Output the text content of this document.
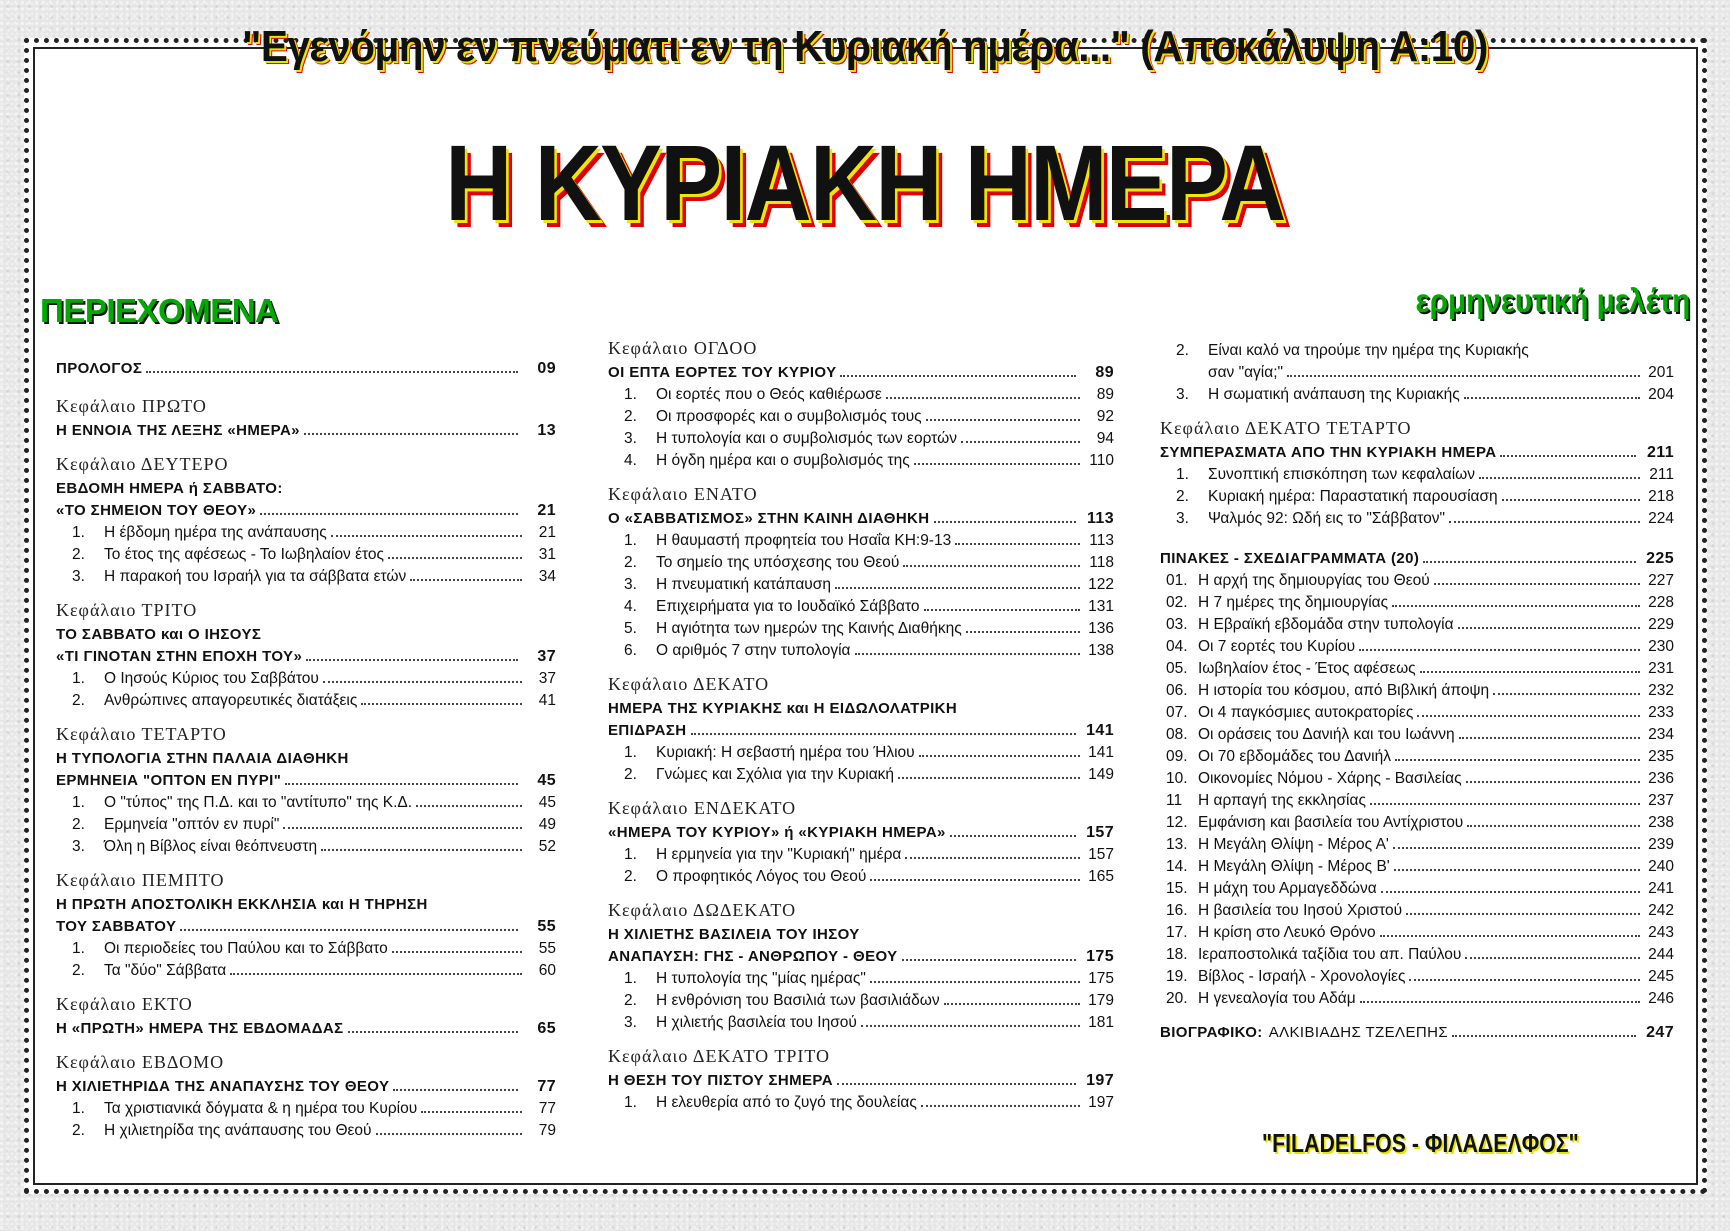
"Εγενόμην εν πνεύματι εν τη Κυριακή ημέρα..." (Αποκάλυψη Α:10)
Η ΚΥΡΙΑΚΗ ΗΜΕΡΑ
ΠΕΡΙΕΧΟΜΕΝΑ	ερμηνευτική μελέτη
ΠΡΟΛΟΓΟΣ	09
Κεφάλαιο ΠΡΩΤΟ
Η ΕΝΝΟΙΑ ΤΗΣ ΛΕΞΗΣ «ΗΜΕΡΑ»	13
Κεφάλαιο ΔΕΥΤΕΡΟ
ΕΒΔΟΜΗ ΗΜΕΡΑ ή ΣΑΒΒΑΤΟ:
«ΤΟ ΣΗΜΕΙΟΝ ΤΟΥ ΘΕΟΥ»	21
1.	Η έβδομη ημέρα της ανάπαυσης	21
2.	Το έτος της αφέσεως - Το Ιωβηλαίον έτος	31
3.	Η παρακοή του Ισραήλ για τα σάββατα ετών	34
Κεφάλαιο ΤΡΙΤΟ
ΤΟ ΣΑΒΒΑΤΟ και Ο ΙΗΣΟΥΣ
«ΤΙ ΓΙΝΟΤΑΝ ΣΤΗΝ ΕΠΟΧΗ ΤΟΥ»	37
1.	Ο Ιησούς Κύριος του Σαββάτου	37
2.	Ανθρώπινες απαγορευτικές διατάξεις	41
Κεφάλαιο ΤΕΤΑΡΤΟ
Η ΤΥΠΟΛΟΓΙΑ ΣΤΗΝ ΠΑΛΑΙΑ ΔΙΑΘΗΚΗ
ΕΡΜΗΝΕΙΑ "ΟΠΤΟΝ ΕΝ ΠΥΡΙ"	45
1.	Ο "τύπος" της Π.Δ. και το "αντίτυπο" της Κ.Δ.	45
2.	Ερμηνεία "οπτόν εν πυρί"	49
3.	Όλη η Βίβλος είναι θεόπνευστη	52
Κεφάλαιο ΠΕΜΠΤΟ
Η ΠΡΩΤΗ ΑΠΟΣΤΟΛΙΚΗ ΕΚΚΛΗΣΙΑ και Η ΤΗΡΗΣΗ
ΤΟΥ ΣΑΒΒΑΤΟΥ	55
1.	Οι περιοδείες του Παύλου και το Σάββατο	55
2.	Τα "δύο" Σάββατα	60
Κεφάλαιο ΕΚΤΟ
Η «ΠΡΩΤΗ» ΗΜΕΡΑ ΤΗΣ ΕΒΔΟΜΑΔΑΣ	65
Κεφάλαιο ΕΒΔΟΜΟ
Η ΧΙΛΙΕΤΗΡΙΔΑ ΤΗΣ ΑΝΑΠΑΥΣΗΣ ΤΟΥ ΘΕΟΥ	77
1.	Τα χριστιανικά δόγματα & η ημέρα του Κυρίου	77
2.	Η χιλιετηρίδα της ανάπαυσης του Θεού	79
Κεφάλαιο ΟΓΔΟΟ
ΟΙ ΕΠΤΑ ΕΟΡΤΕΣ ΤΟΥ ΚΥΡΙΟΥ	89
1.	Οι εορτές που ο Θεός καθιέρωσε	89
2.	Οι προσφορές και ο συμβολισμός τους	92
3.	Η τυπολογία και ο συμβολισμός των εορτών	94
4.	Η όγδη ημέρα και ο συμβολισμός της	110
Κεφάλαιο ΕΝΑΤΟ
Ο «ΣΑΒΒΑΤΙΣΜΟΣ» ΣΤΗΝ ΚΑΙΝΗ ΔΙΑΘΗΚΗ	113
1.	Η θαυμαστή προφητεία του Ησαΐα ΚΗ:9-13	113
2.	Το σημείο της υπόσχεσης του Θεού	118
3.	Η πνευματική κατάπαυση	122
4.	Επιχειρήματα για το Ιουδαϊκό Σάββατο	131
5.	Η αγιότητα των ημερών της Καινής Διαθήκης	136
6.	Ο αριθμός 7 στην τυπολογία	138
Κεφάλαιο ΔΕΚΑΤΟ
ΗΜΕΡΑ ΤΗΣ ΚΥΡΙΑΚΗΣ και Η ΕΙΔΩΛΟΛΑΤΡΙΚΗ
ΕΠΙΔΡΑΣΗ	141
1.	Κυριακή: Η σεβαστή ημέρα του Ήλιου	141
2.	Γνώμες και Σχόλια για την Κυριακή	149
Κεφάλαιο ΕΝΔΕΚΑΤΟ
«ΗΜΕΡΑ ΤΟΥ ΚΥΡΙΟΥ» ή «ΚΥΡΙΑΚΗ ΗΜΕΡΑ»	157
1.	Η ερμηνεία για την "Κυριακή" ημέρα	157
2.	Ο προφητικός Λόγος του Θεού	165
Κεφάλαιο ΔΩΔΕΚΑΤΟ
Η ΧΙΛΙΕΤΗΣ ΒΑΣΙΛΕΙΑ ΤΟΥ ΙΗΣΟΥ
ΑΝΑΠΑΥΣΗ: ΓΗΣ - ΑΝΘΡΩΠΟΥ - ΘΕΟΥ	175
1.	Η τυπολογία της "μίας ημέρας"	175
2.	Η ενθρόνιση του Βασιλιά των βασιλιάδων	179
3.	Η χιλιετής βασιλεία του Ιησού	181
Κεφάλαιο ΔΕΚΑΤΟ ΤΡΙΤΟ
Η ΘΕΣΗ ΤΟΥ ΠΙΣΤΟΥ ΣΗΜΕΡΑ	197
1.	Η ελευθερία από το ζυγό της δουλείας	197
2.	Είναι καλό να τηρούμε την ημέρα της Κυριακής
σαν "αγία;"	201
3.	Η σωματική ανάπαυση της Κυριακής	204
Κεφάλαιο ΔΕΚΑΤΟ ΤΕΤΑΡΤΟ
ΣΥΜΠΕΡΑΣΜΑΤΑ ΑΠΟ ΤΗΝ ΚΥΡΙΑΚΗ ΗΜΕΡΑ	211
1.	Συνοπτική επισκόπηση των κεφαλαίων	211
2.	Κυριακή ημέρα: Παραστατική παρουσίαση	218
3.	Ψαλμός 92: Ωδή εις το "Σάββατον"	224
ΠΙΝΑΚΕΣ - ΣΧΕΔΙΑΓΡΑΜΜΑΤΑ (20)	225
01. Η αρχή της δημιουργίας του Θεού	227
02. Η 7 ημέρες της δημιουργίας	228
03. Η Εβραϊκή εβδομάδα στην τυπολογία	229
04. Οι 7 εορτές του Κυρίου	230
05. Ιωβηλαίον έτος - Έτος αφέσεως	231
06. Η ιστορία του κόσμου, από Βιβλική άποψη	232
07. Οι 4 παγκόσμιες αυτοκρατορίες	233
08. Οι οράσεις του Δανιήλ και του Ιωάννη	234
09. Οι 70 εβδομάδες του Δανιήλ	235
10. Οικονομίες Νόμου - Χάρης - Βασιλείας	236
11	Η αρπαγή της εκκλησίας	237
12. Εμφάνιση και βασιλεία του Αντίχριστου	238
13. Η Μεγάλη Θλίψη - Μέρος Α'	239
14. Η Μεγάλη Θλίψη - Μέρος Β'	240
15. Η μάχη του Αρμαγεδδώνα	241
16. Η βασιλεία του Ιησού Χριστού	242
17. Η κρίση στο Λευκό Θρόνο	243
18. Ιεραποστολικά ταξίδια του απ. Παύλου	244
19. Βίβλος - Ισραήλ - Χρονολογίες	245
20. Η γενεαλογία του Αδάμ	246
ΒΙΟΓΡΑΦΙΚΟ: ΑΛΚΙΒΙΑΔΗΣ ΤΖΕΛΕΠΗΣ	247
"FILADELFOS - ΦΙΛΑΔΕΛΦΟΣ"
